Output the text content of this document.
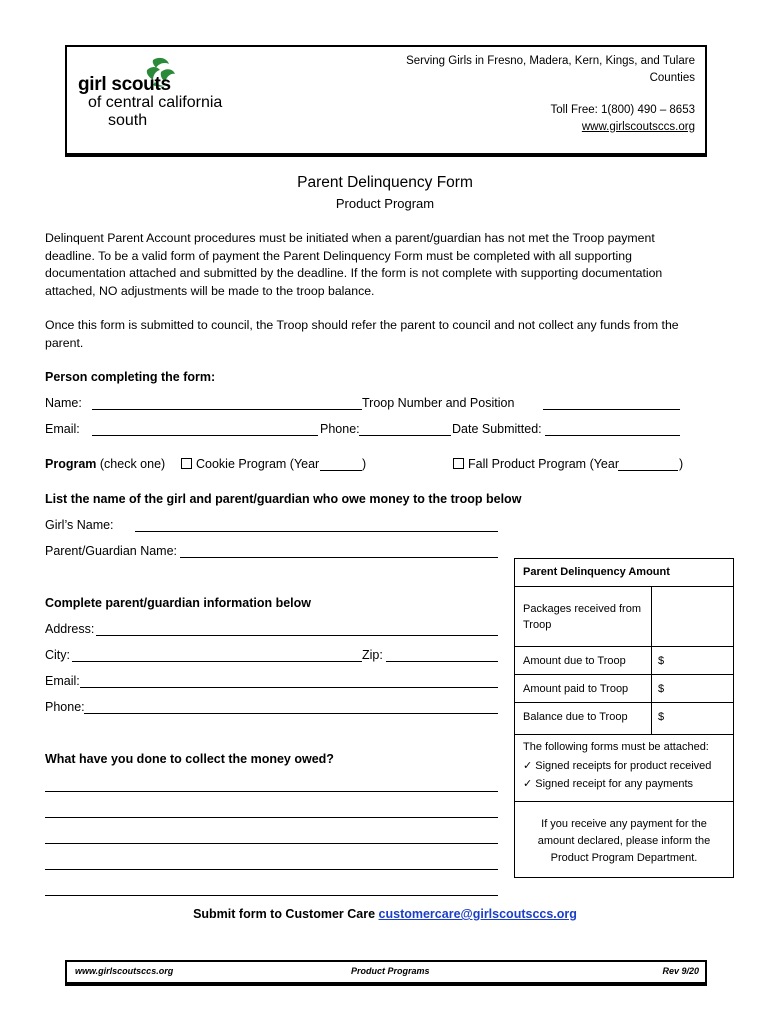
girl scouts
of central california
south
Serving Girls in Fresno, Madera, Kern, Kings, and Tulare
Counties
Toll Free: 1(800) 490 – 8653
www.girlscoutsccs.org
Parent Delinquency Form
Product Program
Delinquent Parent Account procedures must be initiated when a parent/guardian has not met the Troop payment
deadline. To be a valid form of payment the Parent Delinquency Form must be completed with all supporting
documentation attached and submitted by the deadline. If the form is not complete with supporting documentation
attached, NO adjustments will be made to the troop balance.
Once this form is submitted to council, the Troop should refer the parent to council and not collect any funds from the
parent.
Person completing the form:
Name:	Troop Number and Position
Email:	Phone:	Date Submitted:
Program (check one)	Cookie Program (Year	)	Fall Product Program (Year	)
List the name of the girl and parent/guardian who owe money to the troop below
Girl’s Name:
Parent/Guardian Name:
Complete parent/guardian information below
Address:
City:	Zip:
Email:
Phone:
What have you done to collect the money owed?
Parent Delinquency Amount
Packages received from Troop
Amount due to Troop	$
Amount paid to Troop	$
Balance due to Troop	$
The following forms must be attached:
✓ Signed receipts for product received
✓ Signed receipt for any payments
If you receive any payment for the
amount declared, please inform the
Product Program Department.
Submit form to Customer Care customercare@girlscoutsccs.org
www.girlscoutsccs.org	Product Programs	Rev 9/20
